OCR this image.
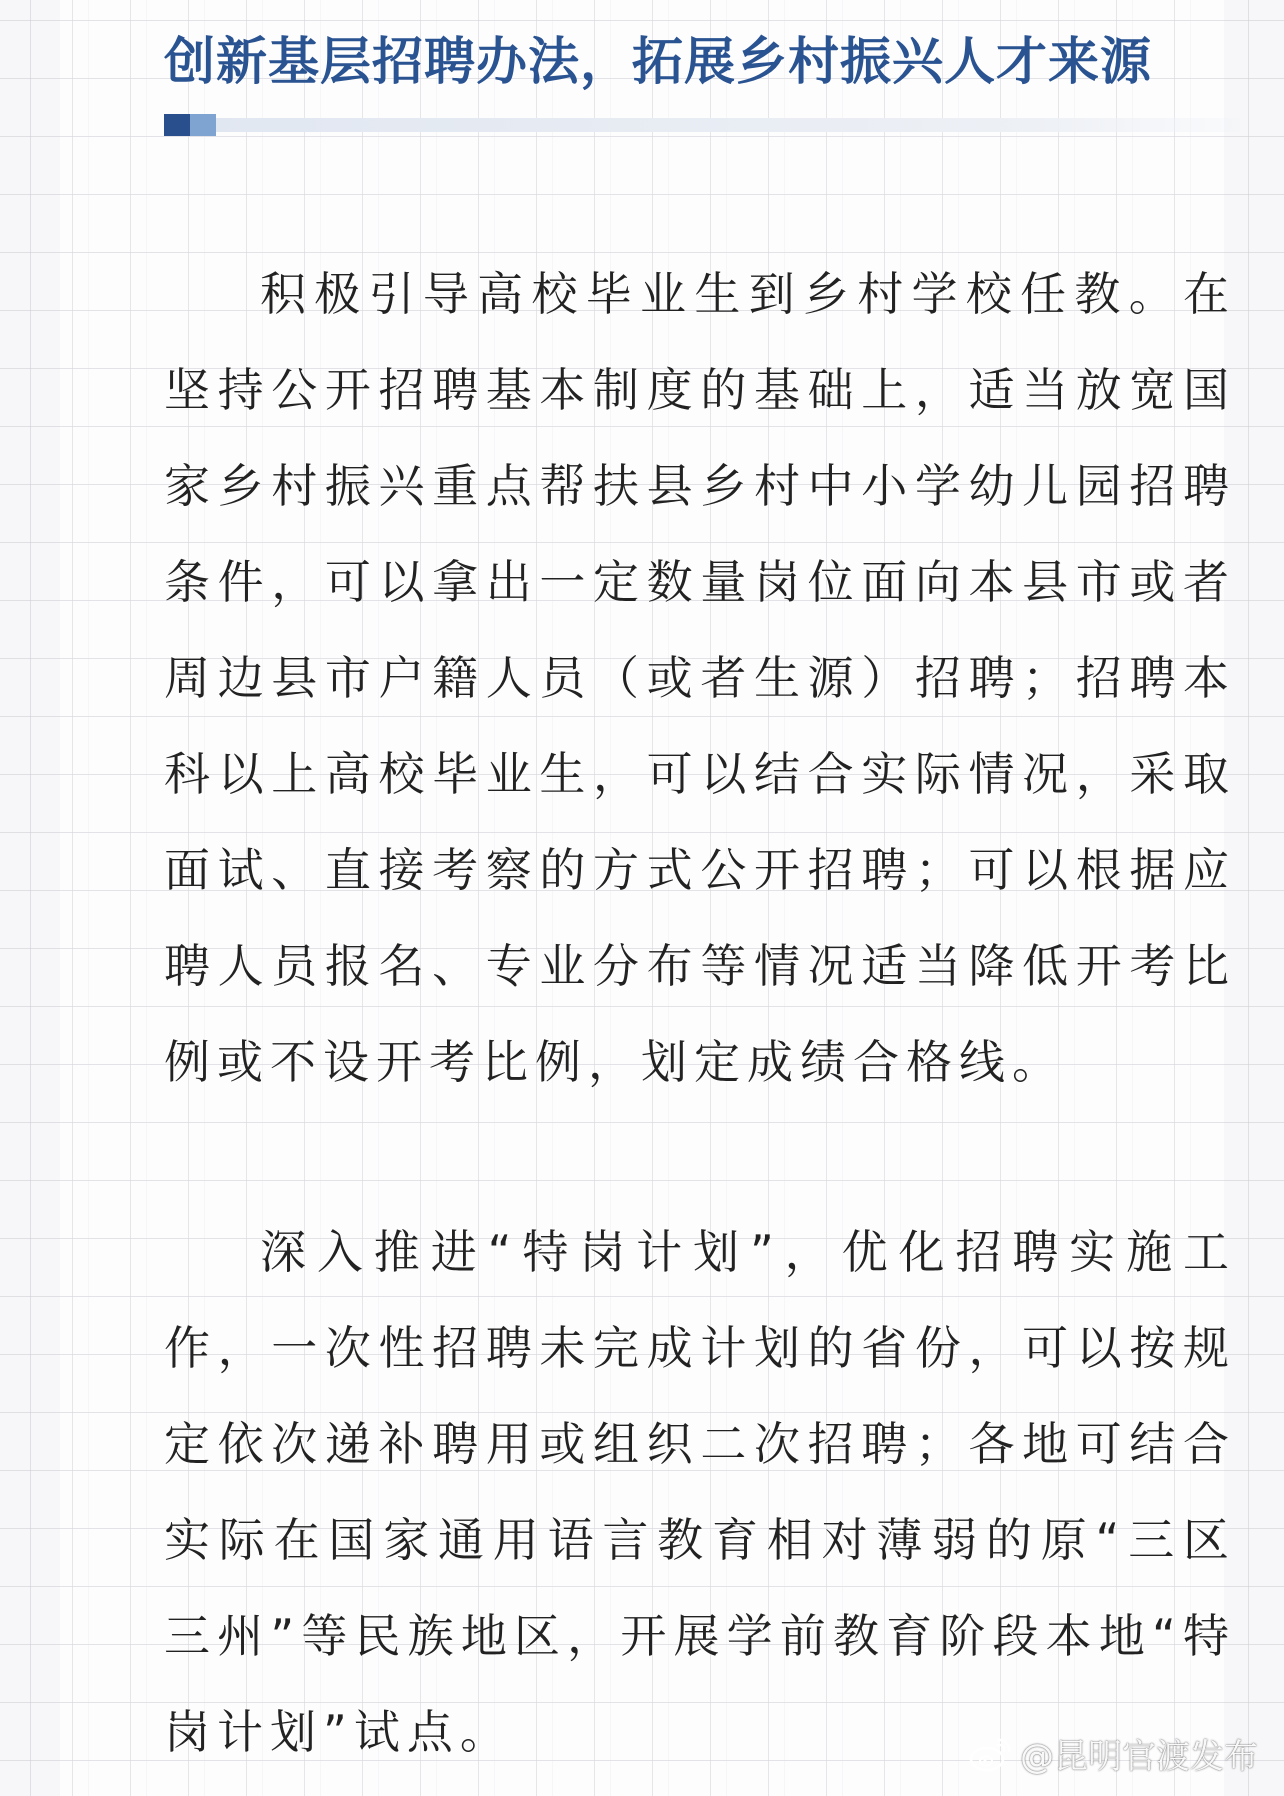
创新基层招聘办法，拓展乡村振兴人才来源

积极引导高校毕业生到乡村学校任教。在坚持公开招聘基本制度的基础上，适当放宽国家乡村振兴重点帮扶县乡村中小学幼儿园招聘条件，可以拿出一定数量岗位面向本县市或者周边县市户籍人员（或者生源）招聘；招聘本科以上高校毕业生，可以结合实际情况，采取面试、直接考察的方式公开招聘；可以根据应聘人员报名、专业分布等情况适当降低开考比例或不设开考比例，划定成绩合格线。

深入推进“特岗计划”，优化招聘实施工作，一次性招聘未完成计划的省份，可以按规定依次递补聘用或组织二次招聘；各地可结合实际在国家通用语言教育相对薄弱的原“三区三州”等民族地区，开展学前教育阶段本地“特岗计划”试点。	@昆明官渡发布
